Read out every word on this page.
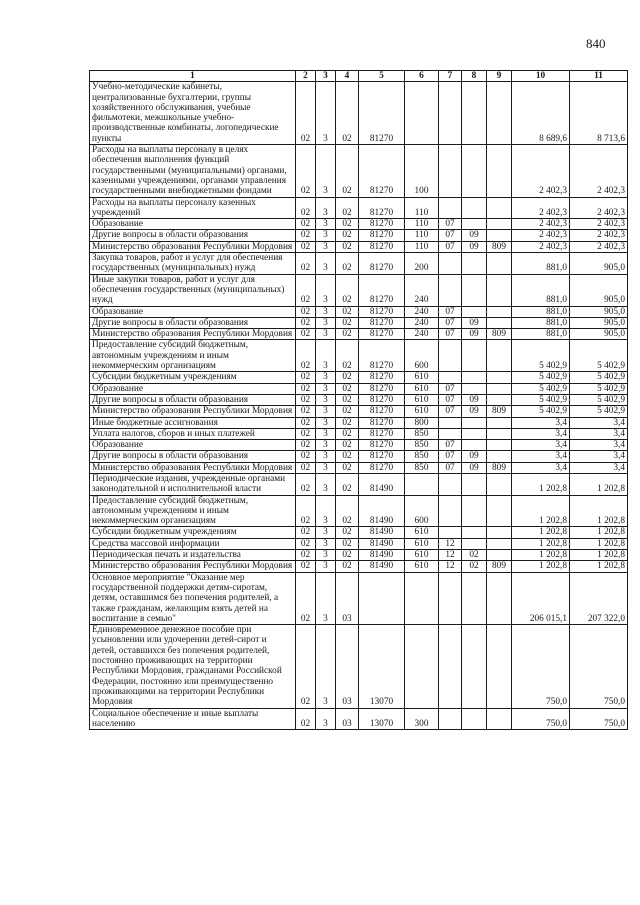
840
1	2	3	4	5	6	7	8	9	10	11
Учебно-методические кабинеты, централизованные бухгалтерии, группы хозяйственного обслуживания, учебные фильмотеки, межшкольные учебно-производственные комбинаты, логопедические пункты	02	3	02	81270					8 689,6	8 713,6
Расходы на выплаты персоналу в целях обеспечения выполнения функций государственными (муниципальными) органами, казенными учреждениями, органами управления государственными внебюджетными фондами	02	3	02	81270	100				2 402,3	2 402,3
Расходы на выплаты персоналу казенных учреждений	02	3	02	81270	110				2 402,3	2 402,3
Образование	02	3	02	81270	110	07			2 402,3	2 402,3
Другие вопросы в области образования	02	3	02	81270	110	07	09		2 402,3	2 402,3
Министерство образования Республики Мордовия	02	3	02	81270	110	07	09	809	2 402,3	2 402,3
Закупка товаров, работ и услуг для обеспечения государственных (муниципальных) нужд	02	3	02	81270	200				881,0	905,0
Иные закупки товаров, работ и услуг для обеспечения государственных (муниципальных) нужд	02	3	02	81270	240				881,0	905,0
Образование	02	3	02	81270	240	07			881,0	905,0
Другие вопросы в области образования	02	3	02	81270	240	07	09		881,0	905,0
Министерство образования Республики Мордовия	02	3	02	81270	240	07	09	809	881,0	905,0
Предоставление субсидий бюджетным, автономным учреждениям и иным некоммерческим организациям	02	3	02	81270	600				5 402,9	5 402,9
Субсидии бюджетным учреждениям	02	3	02	81270	610				5 402,9	5 402,9
Образование	02	3	02	81270	610	07			5 402,9	5 402,9
Другие вопросы в области образования	02	3	02	81270	610	07	09		5 402,9	5 402,9
Министерство образования Республики Мордовия	02	3	02	81270	610	07	09	809	5 402,9	5 402,9
Иные бюджетные ассигнования	02	3	02	81270	800				3,4	3,4
Уплата налогов, сборов и иных платежей	02	3	02	81270	850				3,4	3,4
Образование	02	3	02	81270	850	07			3,4	3,4
Другие вопросы в области образования	02	3	02	81270	850	07	09		3,4	3,4
Министерство образования Республики Мордовия	02	3	02	81270	850	07	09	809	3,4	3,4
Периодические издания, учрежденные органами законодательной и исполнительной власти	02	3	02	81490					1 202,8	1 202,8
Предоставление субсидий бюджетным, автономным учреждениям и иным некоммерческим организациям	02	3	02	81490	600				1 202,8	1 202,8
Субсидии бюджетным учреждениям	02	3	02	81490	610				1 202,8	1 202,8
Средства массовой информации	02	3	02	81490	610	12			1 202,8	1 202,8
Периодическая печать и издательства	02	3	02	81490	610	12	02		1 202,8	1 202,8
Министерство образования Республики Мордовия	02	3	02	81490	610	12	02	809	1 202,8	1 202,8
Основное мероприятие "Оказание мер государственной поддержки детям-сиротам, детям, оставшимся без попечения родителей, а также гражданам, желающим взять детей на воспитание в семью"	02	3	03						206 015,1	207 322,0
Единовременное денежное пособие при усыновлении или удочерении детей-сирот и детей, оставшихся без попечения родителей, постоянно проживающих на территории Республики Мордовия, гражданами Российской Федерации, постоянно или преимущественно проживающими на территории Республики Мордовия	02	3	03	13070					750,0	750,0
Социальное обеспечение и иные выплаты населению	02	3	03	13070	300				750,0	750,0
